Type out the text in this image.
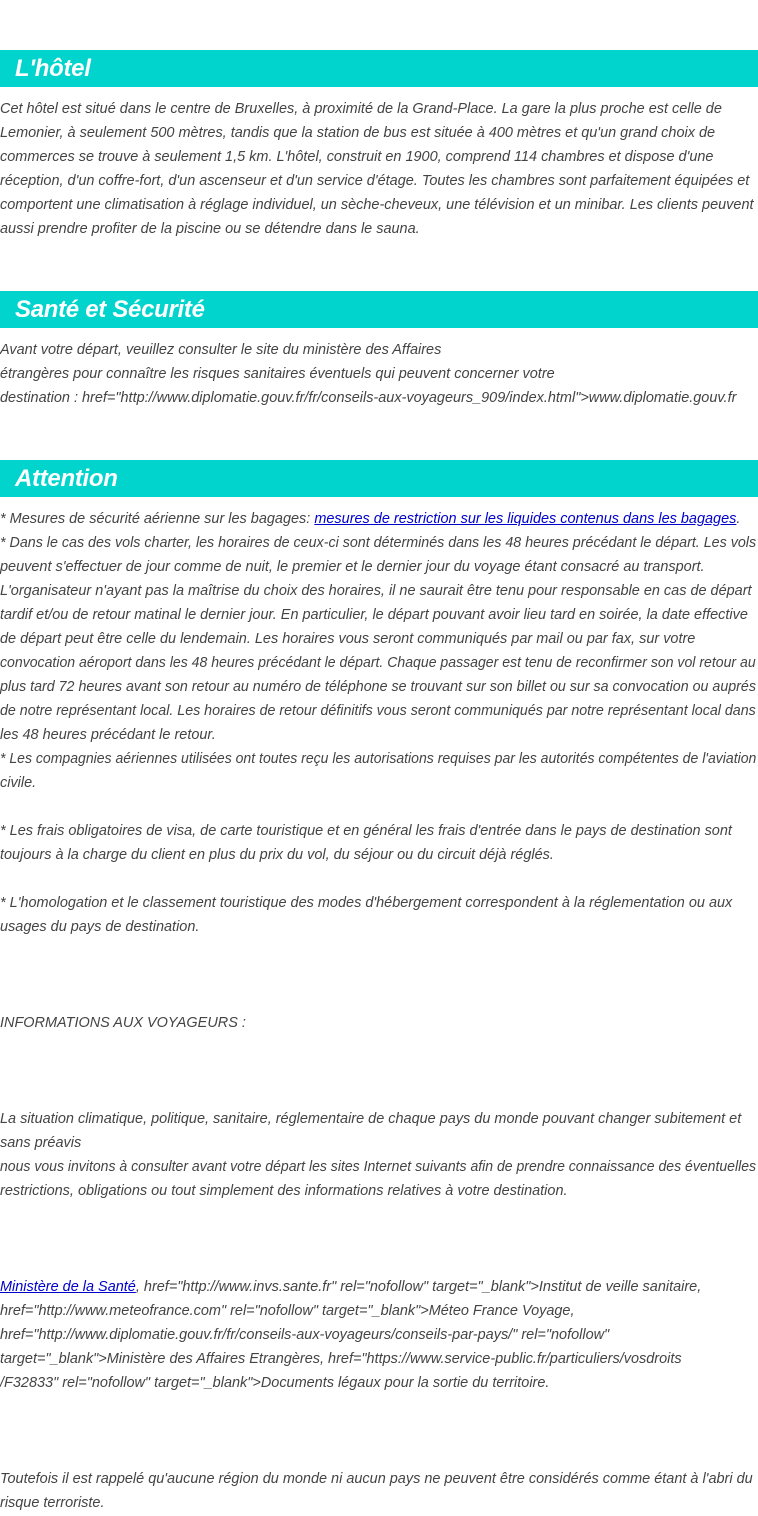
L'hôtel
Cet hôtel est situé dans le centre de Bruxelles, à proximité de la Grand-Place. La gare la plus proche est celle de
Lemonier, à seulement 500 mètres, tandis que la station de bus est située à 400 mètres et qu'un grand choix de
commerces se trouve à seulement 1,5 km. L'hôtel, construit en 1900, comprend 114 chambres et dispose d'une
réception, d'un coffre-fort, d'un ascenseur et d'un service d'étage. Toutes les chambres sont parfaitement équipées et
comportent une climatisation à réglage individuel, un sèche-cheveux, une télévision et un minibar. Les clients peuvent
aussi prendre profiter de la piscine ou se détendre dans le sauna.
Santé et Sécurité
Avant votre départ, veuillez consulter le site du ministère des Affaires
étrangères pour connaître les risques sanitaires éventuels qui peuvent concerner votre
destination : href="http://www.diplomatie.gouv.fr/fr/conseils-aux-voyageurs_909/index.html">www.diplomatie.gouv.fr
Attention
* Mesures de sécurité aérienne sur les bagages: mesures de restriction sur les liquides contenus dans les bagages.
* Dans le cas des vols charter, les horaires de ceux-ci sont déterminés dans les 48 heures précédant le départ. Les vols
peuvent s'effectuer de jour comme de nuit, le premier et le dernier jour du voyage étant consacré au transport.
L'organisateur n'ayant pas la maîtrise du choix des horaires, il ne saurait être tenu pour responsable en cas de départ
tardif et/ou de retour matinal le dernier jour. En particulier, le départ pouvant avoir lieu tard en soirée, la date effective
de départ peut être celle du lendemain. Les horaires vous seront communiqués par mail ou par fax, sur votre
convocation aéroport dans les 48 heures précédant le départ. Chaque passager est tenu de reconfirmer son vol retour au
plus tard 72 heures avant son retour au numéro de téléphone se trouvant sur son billet ou sur sa convocation ou auprés
de notre représentant local. Les horaires de retour définitifs vous seront communiqués par notre représentant local dans
les 48 heures précédant le retour.
* Les compagnies aériennes utilisées ont toutes reçu les autorisations requises par les autorités compétentes de l'aviation
civile.
* Les frais obligatoires de visa, de carte touristique et en général les frais d'entrée dans le pays de destination sont
toujours à la charge du client en plus du prix du vol, du séjour ou du circuit déjà réglés.
* L'homologation et le classement touristique des modes d'hébergement correspondent à la réglementation ou aux
usages du pays de destination.
INFORMATIONS AUX VOYAGEURS :
La situation climatique, politique, sanitaire, réglementaire de chaque pays du monde pouvant changer subitement et
sans préavis
nous vous invitons à consulter avant votre départ les sites Internet suivants afin de prendre connaissance des éventuelles
restrictions, obligations ou tout simplement des informations relatives à votre destination.
Ministère de la Santé, href="http://www.invs.sante.fr" rel="nofollow" target="_blank">Institut de veille sanitaire,
href="http://www.meteofrance.com" rel="nofollow" target="_blank">Méteo France Voyage,
href="http://www.diplomatie.gouv.fr/fr/conseils-aux-voyageurs/conseils-par-pays/" rel="nofollow"
target="_blank">Ministère des Affaires Etrangères, href="https://www.service-public.fr/particuliers/vosdroits
/F32833" rel="nofollow" target="_blank">Documents légaux pour la sortie du territoire.
Toutefois il est rappelé qu'aucune région du monde ni aucun pays ne peuvent être considérés comme étant à l'abri du
risque terroriste.
